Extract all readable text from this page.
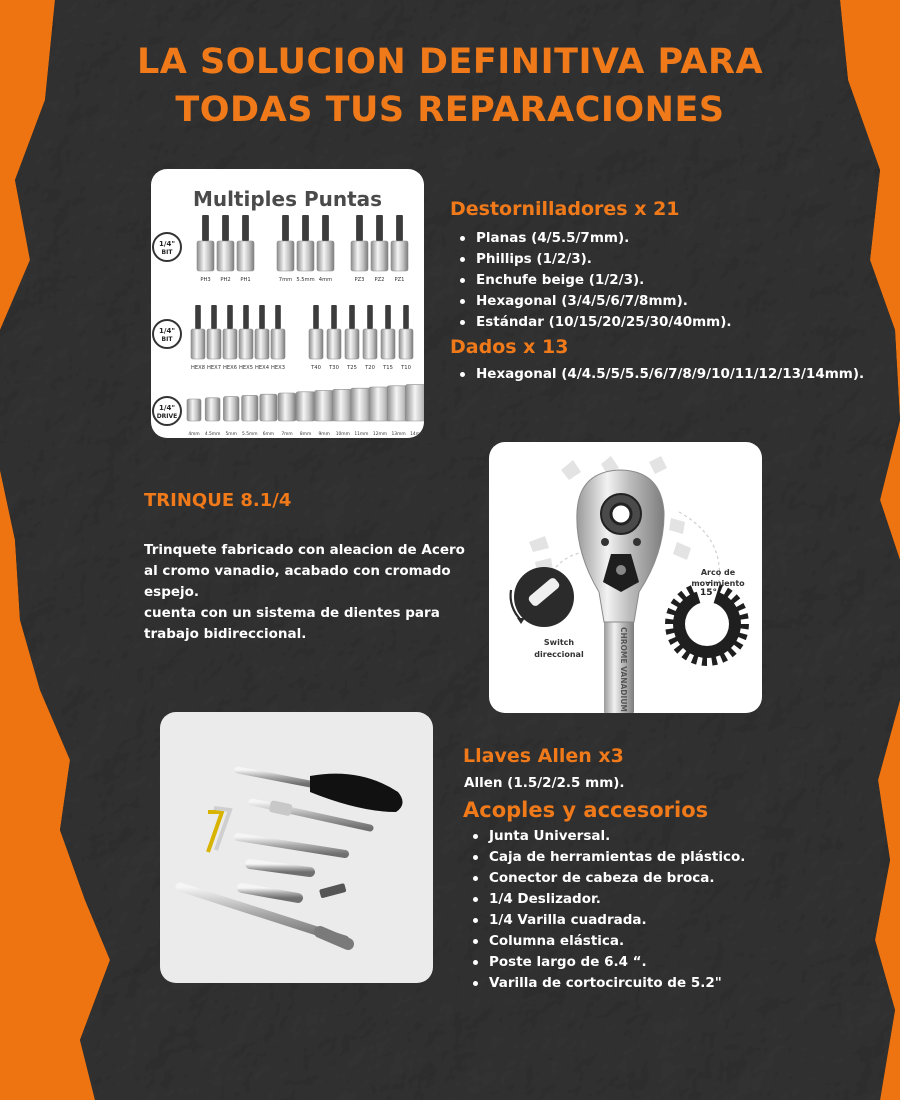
LA SOLUCION DEFINITIVA PARA
TODAS TUS REPARACIONES
Multiples Puntas
1/4"
BIT
1/4"
BIT
1/4"
DRIVE
PH3 PH2 PH1	7mm 5.5mm 4mm	PZ3 PZ2 PZ1
HEX8 HEX7 HEX6 HEX5 HEX4 HEX3	T40 T30 T25 T20 T15 T10
4mm 4.5mm 5mm 5.5mm 6mm 7mm 8mm 9mm 10mm 11mm 12mm 13mm 14mm
Destornilladores x 21
Planas (4/5.5/7mm).
Phillips (1/2/3).
Enchufe beige (1/2/3).
Hexagonal (3/4/5/6/7/8mm).
Estándar (10/15/20/25/30/40mm).
Dados x 13
Hexagonal (4/4.5/5/5.5/6/7/8/9/10/11/12/13/14mm).
TRINQUE 8.1/4
Trinquete fabricado con aleacion de Acero
al cromo vanadio, acabado con cromado
espejo.
cuenta con un sistema de dientes para
trabajo bidireccional.	CHROME VANADIUM
Switch
direccional
Arco de
movimiento
15°
Llaves Allen x3
Allen (1.5/2/2.5 mm).
Acoples y accesorios
Junta Universal.
Caja de herramientas de plástico.
Conector de cabeza de broca.
1/4 Deslizador.
1/4 Varilla cuadrada.
Columna elástica.
Poste largo de 6.4 “.
Varilla de cortocircuito de 5.2"
